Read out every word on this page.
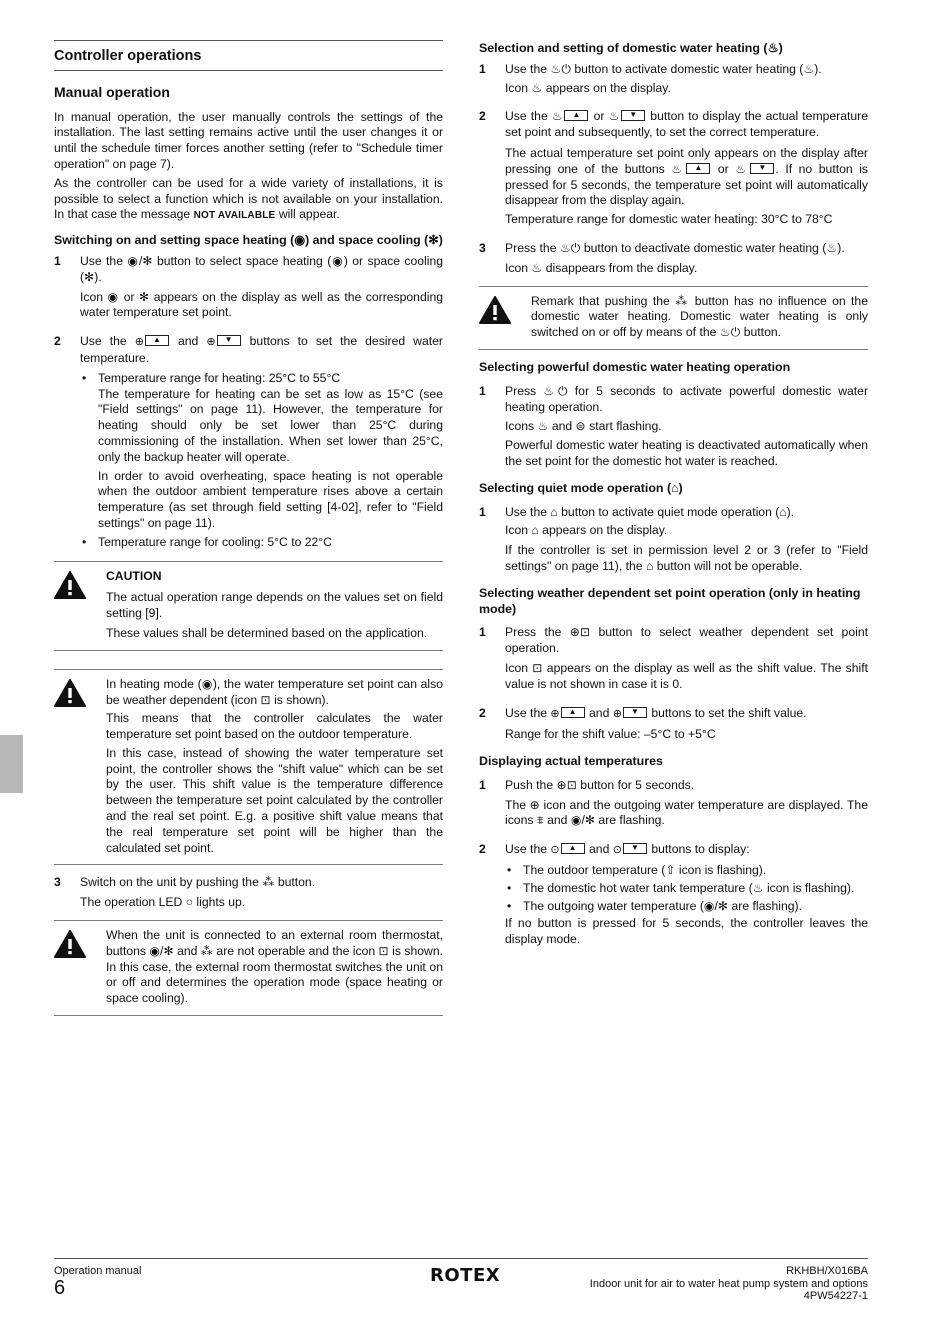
Controller operations
Manual operation

In manual operation, the user manually controls the settings of the installation. The last setting remains active until the user changes it or until the schedule timer forces another setting (refer to "Schedule timer operation" on page 7).

As the controller can be used for a wide variety of installations, it is possible to select a function which is not available on your installation. In that case the message NOT AVAILABLE will appear.

Switching on and setting space heating (◉) and space cooling (✻)
1	Use the ◉/✻ button to select space heating (◉) or space cooling (✻).

Icon ◉ or ✻ appears on the display as well as the corresponding water temperature set point.

2	Use the ⊕ ▲	and ⊕ ▼	buttons to set the desired water temperature.

• Temperature range for heating: 25°C to 55°C

The temperature for heating can be set as low as 15°C (see "Field settings" on page 11). However, the temperature for heating should only be set lower than 25°C during commissioning of the installation. When set lower than 25°C, only the backup heater will operate.

In order to avoid overheating, space heating is not operable when the outdoor ambient temperature rises above a certain temperature (as set through field setting [4-02], refer to "Field settings" on page 11).

• Temperature range for cooling: 5°C to 22°C

CAUTION

The actual operation range depends on the values set on field setting [9].

These values shall be determined based on the application.

In heating mode (◉), the water temperature set point can also be weather dependent (icon ⊡ is shown).

This means that the controller calculates the water temperature set point based on the outdoor temperature.

In this case, instead of showing the water temperature set point, the controller shows the "shift value" which can be set by the user. This shift value is the temperature difference between the temperature set point calculated by the controller and the real set point. E.g. a positive shift value means that the real temperature set point will be higher than the calculated set point.

3	Switch on the unit by pushing the ⁂ button.

The operation LED ○ lights up.

When the unit is connected to an external room thermostat, buttons ◉/✻ and ⁂ are not operable and the icon ⊡ is shown. In this case, the external room thermostat switches the unit on or off and determines the operation mode (space heating or space cooling).

Selection and setting of domestic water heating (♨)
1	Use the ♨⏻ button to activate domestic water heating (♨).

Icon ♨ appears on the display.

2	Use the ♨ ▲ or ♨ ▼ button to display the actual temperature set point and subsequently, to set the correct temperature.

The actual temperature set point only appears on the display after pressing one of the buttons ♨ ▲	or ♨ ▼ . If no button is pressed for 5 seconds, the temperature set point will automatically disappear from the display again.

Temperature range for domestic water heating: 30°C to 78°C

3	Press the ♨⏻ button to deactivate domestic water heating (♨).

Icon ♨ disappears from the display.

Remark that pushing the ⁂ button has no influence on the domestic water heating. Domestic water heating is only switched on or off by means of the ♨⏻ button.

Selecting powerful domestic water heating operation
1	Press ♨⏻ for 5 seconds to activate powerful domestic water heating operation.

Icons ♨ and ⊜ start flashing.

Powerful domestic water heating is deactivated automatically when the set point for the domestic hot water is reached.

Selecting quiet mode operation (⌂)
1	Use the ⌂ button to activate quiet mode operation (⌂).

Icon ⌂ appears on the display.

If the controller is set in permission level 2 or 3 (refer to "Field settings" on page 11), the ⌂ button will not be operable.

Selecting weather dependent set point operation (only in heating mode)
1	Press the ⊕⊡ button to select weather dependent set point operation.

Icon ⊡ appears on the display as well as the shift value. The shift value is not shown in case it is 0.

2	Use the ⊕ ▲ and ⊕ ▼ buttons to set the shift value.

Range for the shift value: –5°C to +5°C

Displaying actual temperatures
1	Push the ⊕⊡ button for 5 seconds.

The ⊕ icon and the outgoing water temperature are displayed. The icons ⩨ and ◉/✻ are flashing.

2	Use the ⊙ ▲ and ⊙ ▼ buttons to display:

• The outdoor temperature (⇧ icon is flashing).
• The domestic hot water tank temperature (♨ icon is flashing).
• The outgoing water temperature (◉/✻ are flashing).

If no button is pressed for 5 seconds, the controller leaves the display mode.

Operation manual
6
ROTEX	RKHBH/X016BA
Indoor unit for air to water heat pump system and options
4PW54227-1
